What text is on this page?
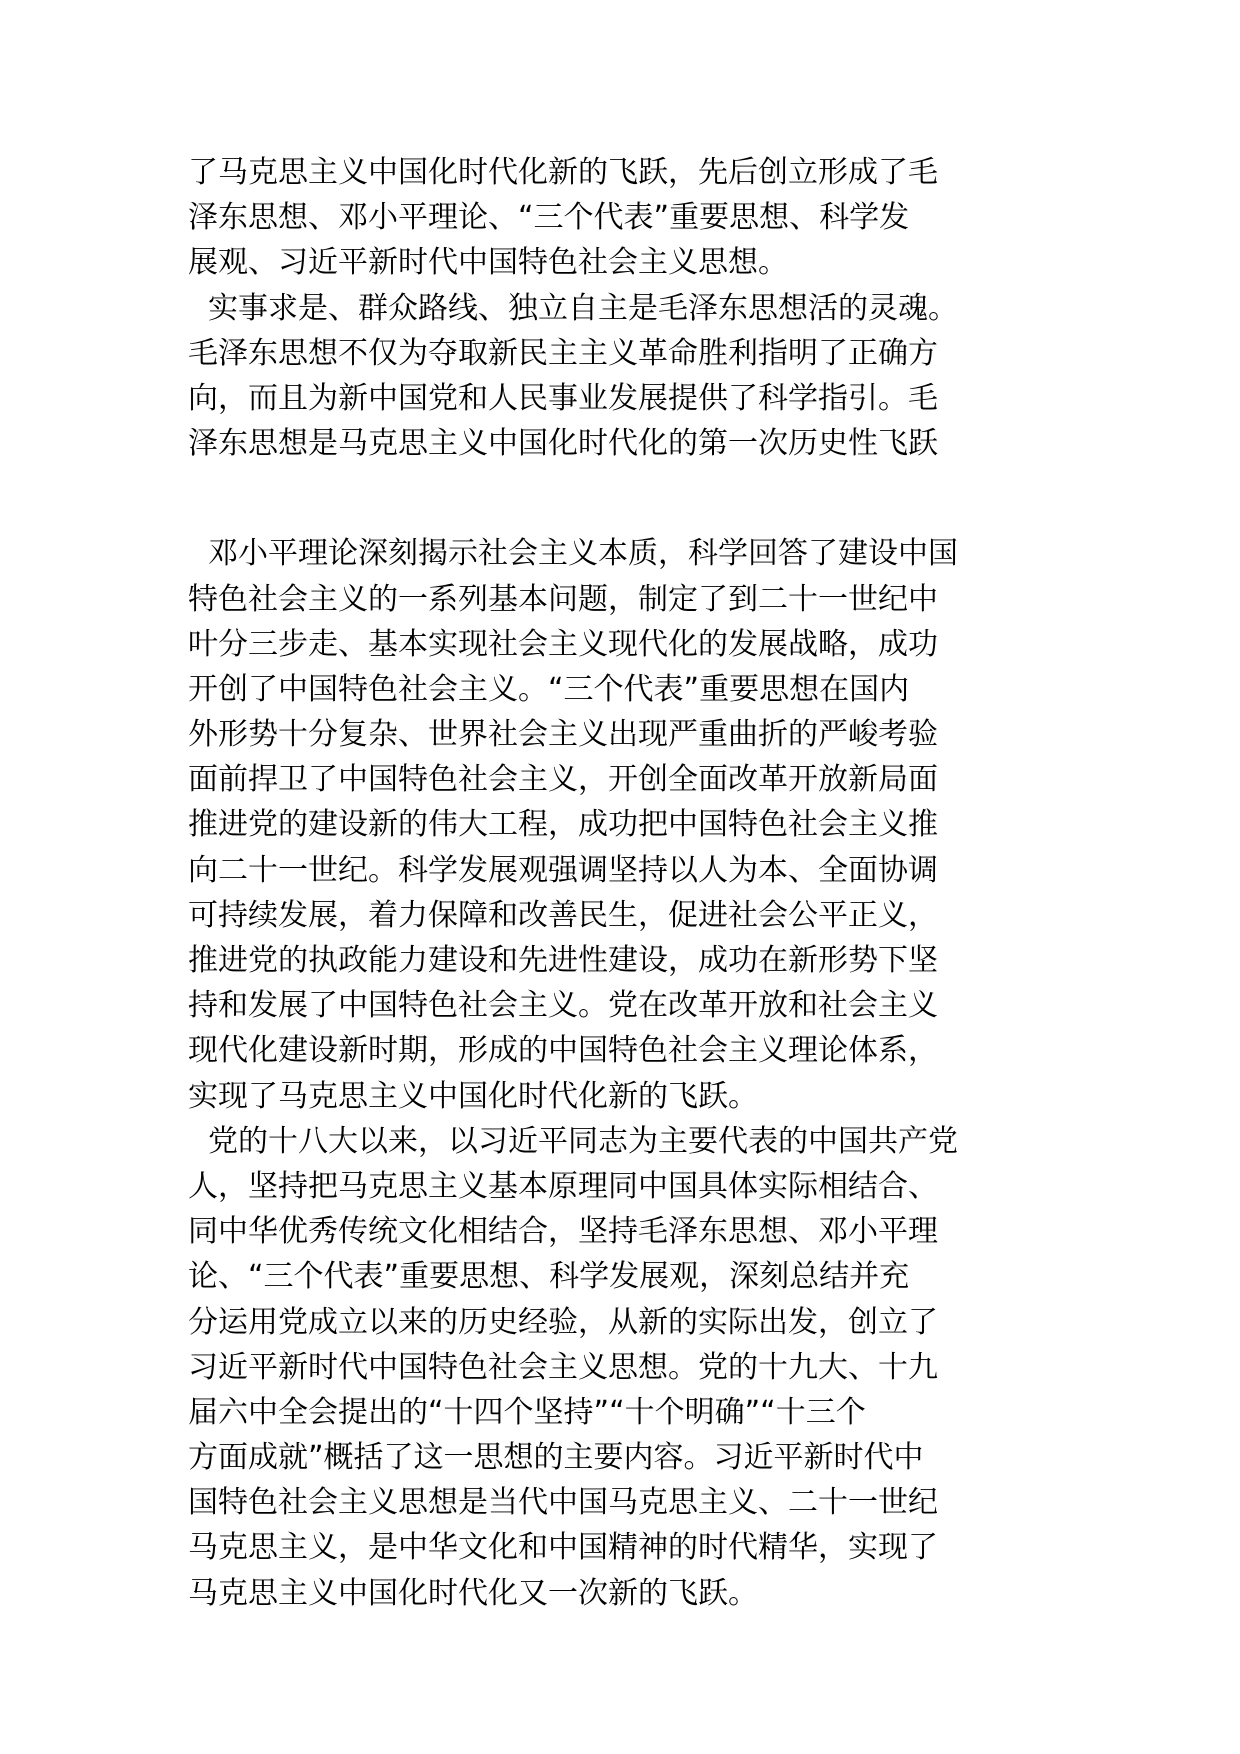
了马克思主义中国化时代化新的飞跃，先后创立形成了毛
泽东思想、邓小平理论、“三个代表”重要思想、科学发
展观、习近平新时代中国特色社会主义思想。
实事求是、群众路线、独立自主是毛泽东思想活的灵魂。
毛泽东思想不仅为夺取新民主主义革命胜利指明了正确方
向，而且为新中国党和人民事业发展提供了科学指引。毛
泽东思想是马克思主义中国化时代化的第一次历史性飞跃
邓小平理论深刻揭示社会主义本质，科学回答了建设中国
特色社会主义的一系列基本问题，制定了到二十一世纪中
叶分三步走、基本实现社会主义现代化的发展战略，成功
开创了中国特色社会主义。“三个代表”重要思想在国内
外形势十分复杂、世界社会主义出现严重曲折的严峻考验
面前捍卫了中国特色社会主义，开创全面改革开放新局面
推进党的建设新的伟大工程，成功把中国特色社会主义推
向二十一世纪。科学发展观强调坚持以人为本、全面协调
可持续发展，着力保障和改善民生，促进社会公平正义，
推进党的执政能力建设和先进性建设，成功在新形势下坚
持和发展了中国特色社会主义。党在改革开放和社会主义
现代化建设新时期，形成的中国特色社会主义理论体系，
实现了马克思主义中国化时代化新的飞跃。
党的十八大以来，以习近平同志为主要代表的中国共产党
人，坚持把马克思主义基本原理同中国具体实际相结合、
同中华优秀传统文化相结合，坚持毛泽东思想、邓小平理
论、“三个代表”重要思想、科学发展观，深刻总结并充
分运用党成立以来的历史经验，从新的实际出发，创立了
习近平新时代中国特色社会主义思想。党的十九大、十九
届六中全会提出的“十四个坚持”“十个明确”“十三个
方面成就”概括了这一思想的主要内容。习近平新时代中
国特色社会主义思想是当代中国马克思主义、二十一世纪
马克思主义，是中华文化和中国精神的时代精华，实现了
马克思主义中国化时代化又一次新的飞跃。
